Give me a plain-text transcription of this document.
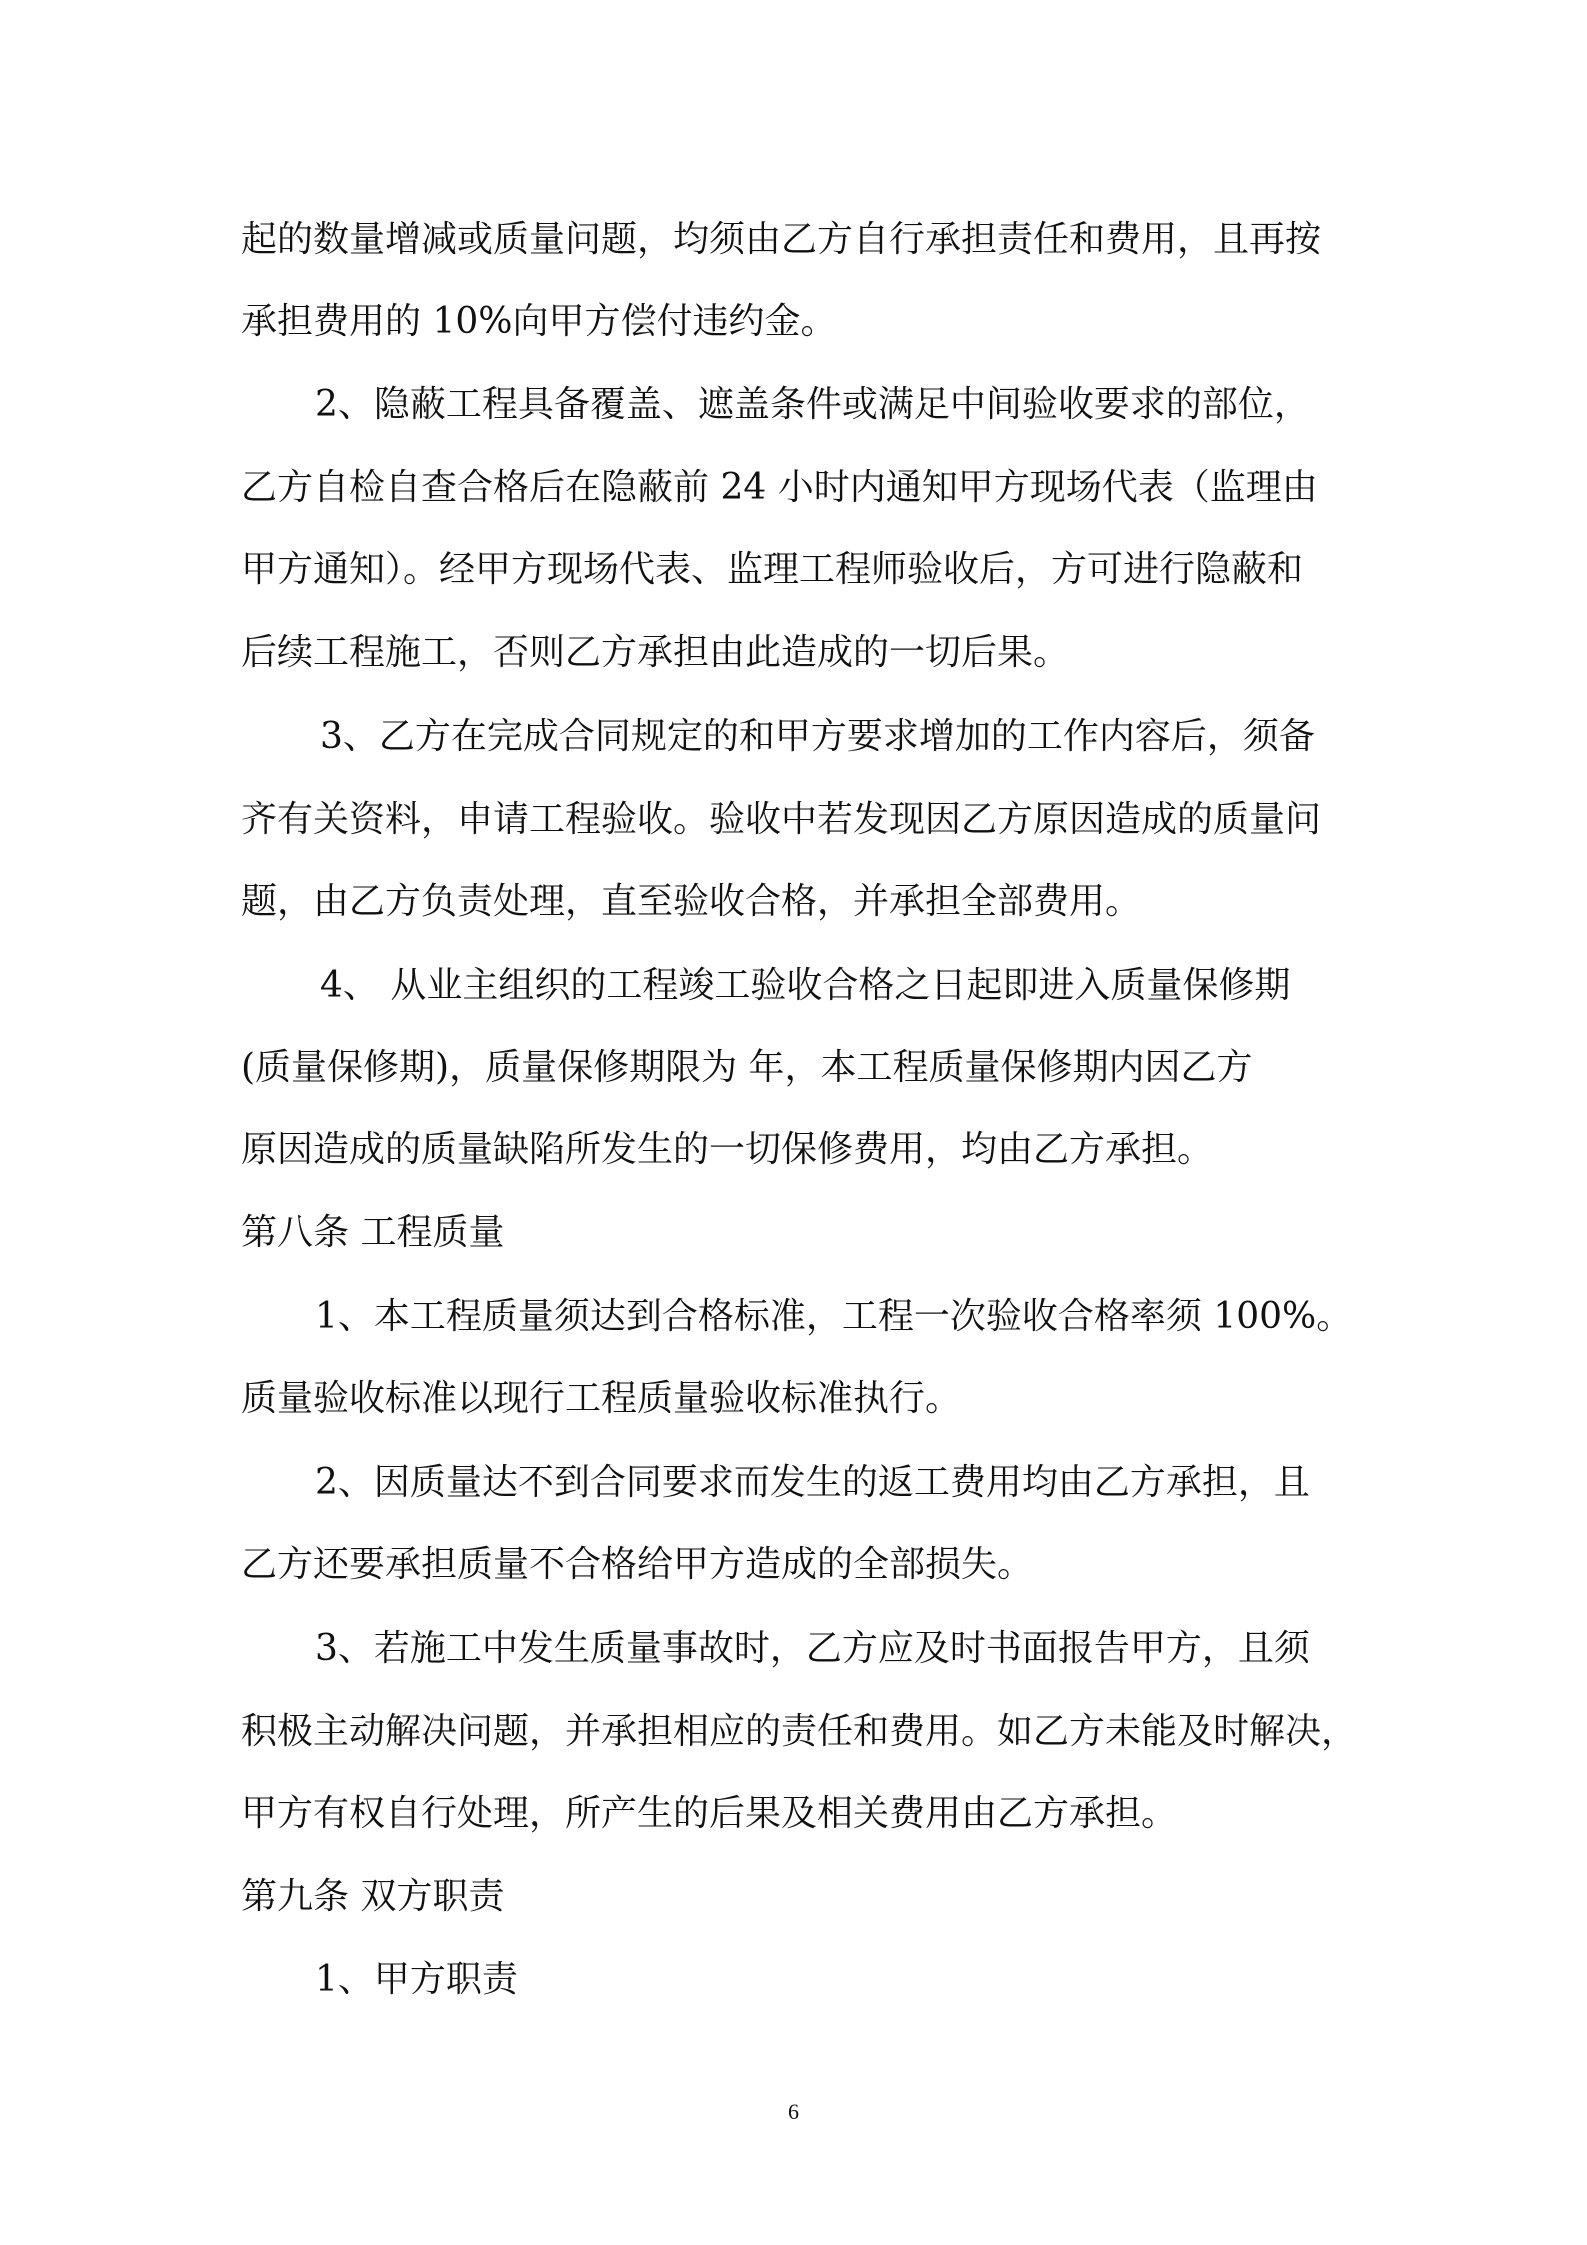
起的数量增减或质量问题，均须由乙方自行承担责任和费用，且再按
承担费用的 10%向甲方偿付违约金。
2、隐蔽工程具备覆盖、遮盖条件或满足中间验收要求的部位，
乙方自检自查合格后在隐蔽前 24 小时内通知甲方现场代表（监理由
甲方通知）。经甲方现场代表、监理工程师验收后，方可进行隐蔽和
后续工程施工，否则乙方承担由此造成的一切后果。
3、乙方在完成合同规定的和甲方要求增加的工作内容后，须备
齐有关资料，申请工程验收。验收中若发现因乙方原因造成的质量问
题，由乙方负责处理，直至验收合格，并承担全部费用。
4、 从业主组织的工程竣工验收合格之日起即进入质量保修期
(质量保修期)，质量保修期限为 年，本工程质量保修期内因乙方
原因造成的质量缺陷所发生的一切保修费用，均由乙方承担。
第八条 工程质量
1、本工程质量须达到合格标准，工程一次验收合格率须 100%。
质量验收标准以现行工程质量验收标准执行。
2、因质量达不到合同要求而发生的返工费用均由乙方承担，且
乙方还要承担质量不合格给甲方造成的全部损失。
3、若施工中发生质量事故时，乙方应及时书面报告甲方，且须
积极主动解决问题，并承担相应的责任和费用。如乙方未能及时解决，
甲方有权自行处理，所产生的后果及相关费用由乙方承担。
第九条 双方职责
1、甲方职责
6
